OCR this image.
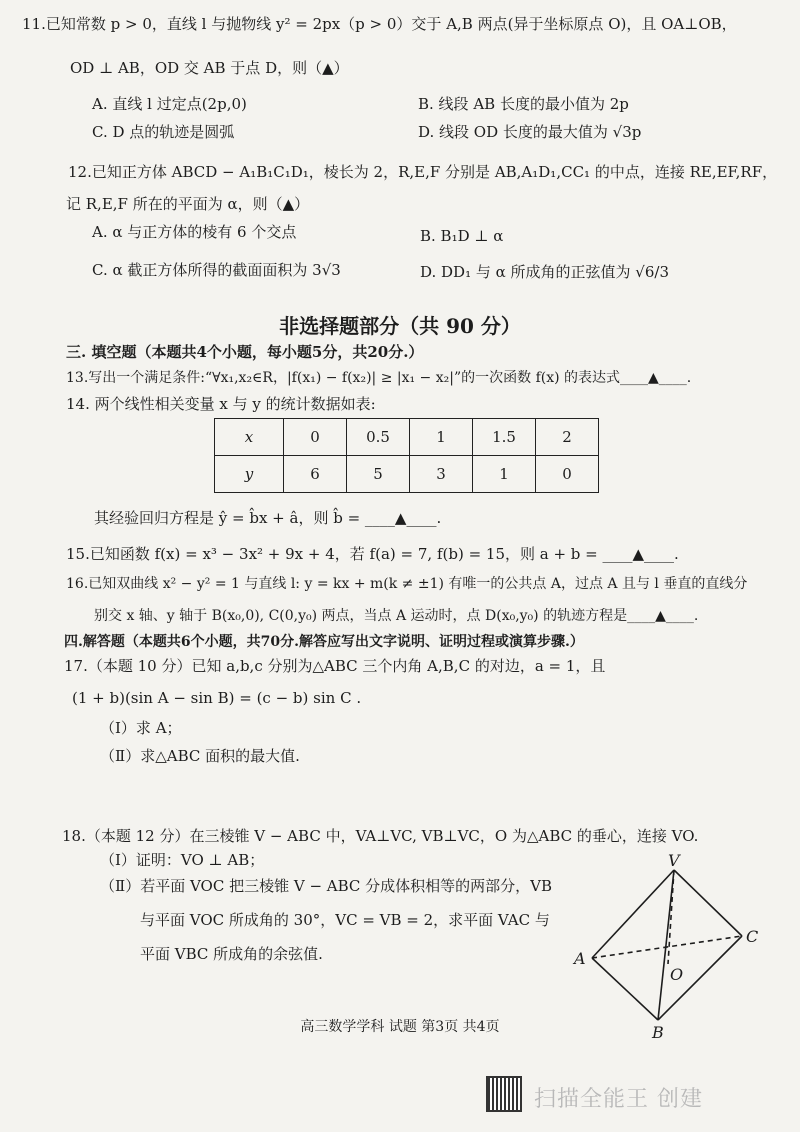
11.已知常数 p > 0，直线 l 与抛物线 y² = 2px（p > 0）交于 A,B 两点(异于坐标原点 O)，且 OA⊥OB，
OD ⊥ AB，OD 交 AB 于点 D，则（▲）
A. 直线 l 过定点(2p,0)	B. 线段 AB 长度的最小值为 2p
C. D 点的轨迹是圆弧	D. 线段 OD 长度的最大值为 √3p
12.已知正方体 ABCD − A₁B₁C₁D₁，棱长为 2，R,E,F 分别是 AB,A₁D₁,CC₁ 的中点，连接 RE,EF,RF，
记 R,E,F 所在的平面为 α，则（▲）
A. α 与正方体的棱有 6 个交点	B. B₁D ⊥ α
C. α 截正方体所得的截面面积为 3√3	D. DD₁ 与 α 所成角的正弦值为 √6/3
非选择题部分（共 90 分）
三. 填空题（本题共4个小题，每小题5分，共20分.）
13.写出一个满足条件:“∀x₁,x₂∈R，|f(x₁) − f(x₂)| ≥ |x₁ − x₂|”的一次函数 f(x) 的表达式____▲____.
14. 两个线性相关变量 x 与 y 的统计数据如表:
x	0	0.5	1	1.5	2
y	6	5	3	1	0
其经验回归方程是 ŷ = b̂x + â，则 b̂ = ____▲____.
15.已知函数 f(x) = x³ − 3x² + 9x + 4，若 f(a) = 7, f(b) = 15，则 a + b = ____▲____.
16.已知双曲线 x² − y² = 1 与直线 l: y = kx + m(k ≠ ±1) 有唯一的公共点 A，过点 A 且与 l 垂直的直线分
别交 x 轴、y 轴于 B(x₀,0), C(0,y₀) 两点，当点 A 运动时，点 D(x₀,y₀) 的轨迹方程是____▲____.
四.解答题（本题共6个小题，共70分.解答应写出文字说明、证明过程或演算步骤.）
17.（本题 10 分）已知 a,b,c 分别为△ABC 三个内角 A,B,C 的对边，a = 1，且
(1 + b)(sin A − sin B) = (c − b) sin C .
（Ⅰ）求 A；
（Ⅱ）求△ABC 面积的最大值.
18.（本题 12 分）在三棱锥 V − ABC 中，VA⊥VC, VB⊥VC，O 为△ABC 的垂心，连接 VO.
（Ⅰ）证明：VO ⊥ AB；
（Ⅱ）若平面 VOC 把三棱锥 V − ABC 分成体积相等的两部分，VB
与平面 VOC 所成角的 30°，VC = VB = 2，求平面 VAC 与
平面 VBC 所成角的余弦值.
V
A
B
C
O
高三数学学科 试题 第3页 共4页
扫描全能王 创建
